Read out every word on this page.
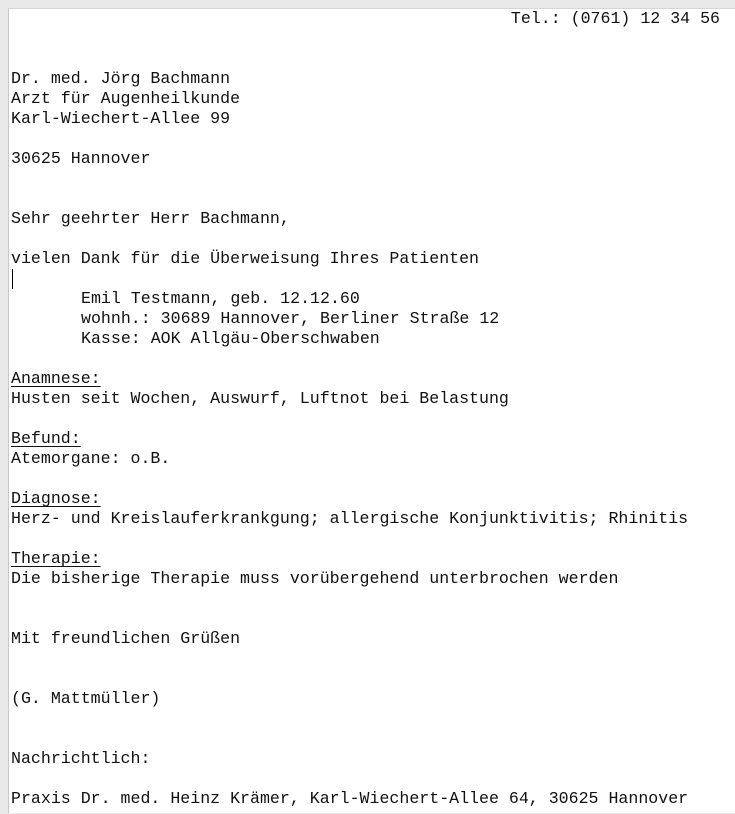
Tel.: (0761) 12 34 56
Dr. med. Jörg Bachmann
Arzt für Augenheilkunde
Karl-Wiechert-Allee 99
30625 Hannover
Sehr geehrter Herr Bachmann,
vielen Dank für die Überweisung Ihres Patienten
Emil Testmann, geb. 12.12.60
wohnh.: 30689 Hannover, Berliner Straße 12
Kasse: AOK Allgäu-Oberschwaben
Anamnese:
Husten seit Wochen, Auswurf, Luftnot bei Belastung
Befund:
Atemorgane: o.B.
Diagnose:
Herz- und Kreislauferkrankgung; allergische Konjunktivitis; Rhinitis
Therapie:
Die bisherige Therapie muss vorübergehend unterbrochen werden
Mit freundlichen Grüßen
(G. Mattmüller)
Nachrichtlich:
Praxis Dr. med. Heinz Krämer, Karl-Wiechert-Allee 64, 30625 Hannover
